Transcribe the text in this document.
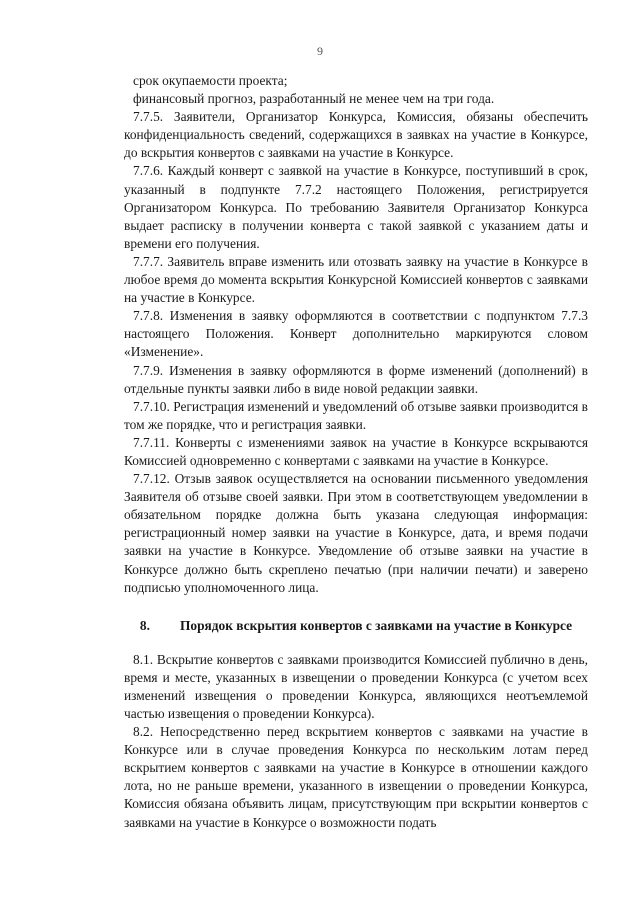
9

срок окупаемости проекта;

финансовый прогноз, разработанный не менее чем на три года.

7.7.5. Заявители, Организатор Конкурса, Комиссия, обязаны обеспечить конфиденциальность сведений, содержащихся в заявках на участие в Конкурсе, до вскрытия конвертов с заявками на участие в Конкурсе.

7.7.6. Каждый конверт с заявкой на участие в Конкурсе, поступивший в срок, указанный в подпункте 7.7.2 настоящего Положения, регистрируется Организатором Конкурса. По требованию Заявителя Организатор Конкурса выдает расписку в получении конверта с такой заявкой с указанием даты и времени его получения.

7.7.7. Заявитель вправе изменить или отозвать заявку на участие в Конкурсе в любое время до момента вскрытия Конкурсной Комиссией конвертов с заявками на участие в Конкурсе.

7.7.8. Изменения в заявку оформляются в соответствии с подпунктом 7.7.3 настоящего Положения. Конверт дополнительно маркируются словом «Изменение».

7.7.9. Изменения в заявку оформляются в форме изменений (дополнений) в отдельные пункты заявки либо в виде новой редакции заявки.

7.7.10. Регистрация изменений и уведомлений об отзыве заявки производится в том же порядке, что и регистрация заявки.

7.7.11. Конверты с изменениями заявок на участие в Конкурсе вскрываются Комиссией одновременно с конвертами с заявками на участие в Конкурсе.

7.7.12. Отзыв заявок осуществляется на основании письменного уведомления Заявителя об отзыве своей заявки. При этом в соответствующем уведомлении в обязательном порядке должна быть указана следующая информация: регистрационный номер заявки на участие в Конкурсе, дата, и время подачи заявки на участие в Конкурсе. Уведомление об отзыве заявки на участие в Конкурсе должно быть скреплено печатью (при наличии печати) и заверено подписью уполномоченного лица.

8. Порядок вскрытия конвертов с заявками на участие в Конкурсе

8.1. Вскрытие конвертов с заявками производится Комиссией публично в день, время и месте, указанных в извещении о проведении Конкурса (с учетом всех изменений извещения о проведении Конкурса, являющихся неотъемлемой частью извещения о проведении Конкурса).

8.2. Непосредственно перед вскрытием конвертов с заявками на участие в Конкурсе или в случае проведения Конкурса по нескольким лотам перед вскрытием конвертов с заявками на участие в Конкурсе в отношении каждого лота, но не раньше времени, указанного в извещении о проведении Конкурса, Комиссия обязана объявить лицам, присутствующим при вскрытии конвертов с заявками на участие в Конкурсе о возможности подать
